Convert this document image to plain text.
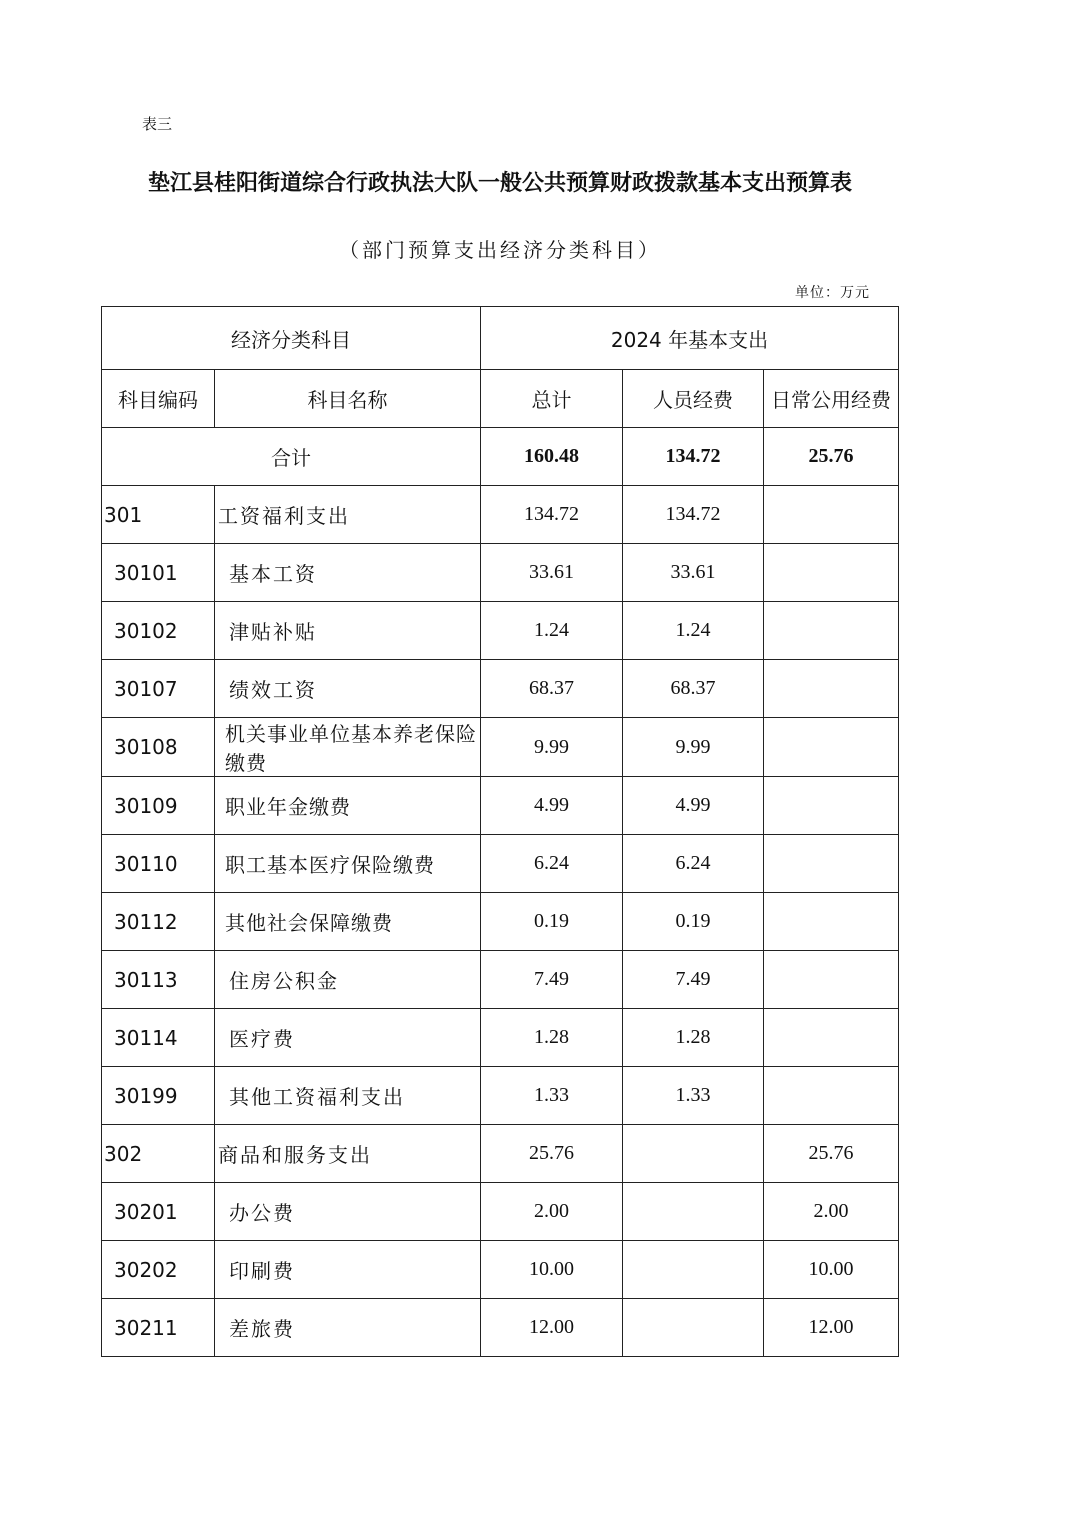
表三
垫江县桂阳街道综合行政执法大队一般公共预算财政拨款基本支出预算表
（部门预算支出经济分类科目）
单位：万元
经济分类科目		2024 年基本支出		
科目编码	科目名称	总计	人员经费	日常公用经费
合计		160.48	134.72	25.76
301	工资福利支出	134.72	134.72	
30101	基本工资	33.61	33.61	
30102	津贴补贴	1.24	1.24	
30107	绩效工资	68.37	68.37	
30108	机关事业单位基本养老保险缴费	9.99	9.99	
30109	职业年金缴费	4.99	4.99	
30110	职工基本医疗保险缴费	6.24	6.24	
30112	其他社会保障缴费	0.19	0.19	
30113	住房公积金	7.49	7.49	
30114	医疗费	1.28	1.28	
30199	其他工资福利支出	1.33	1.33	
302	商品和服务支出	25.76		25.76
30201	办公费	2.00		2.00
30202	印刷费	10.00		10.00
30211	差旅费	12.00		12.00
